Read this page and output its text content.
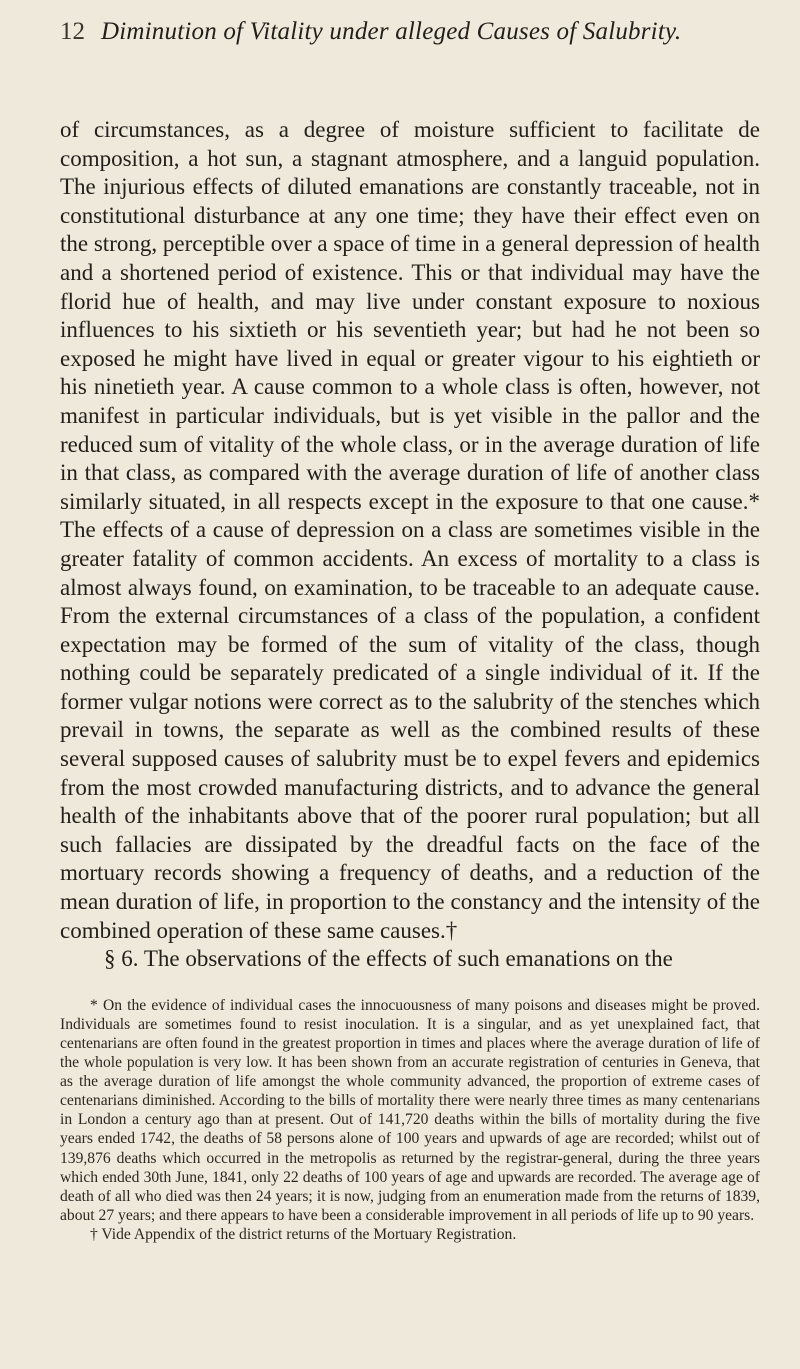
12 Diminution of Vitality under alleged Causes of Salubrity.

of circumstances, as a degree of moisture sufficient to facilitate de composition, a hot sun, a stagnant atmosphere, and a languid population. The injurious effects of diluted emanations are constantly traceable, not in constitutional disturbance at any one time; they have their effect even on the strong, perceptible over a space of time in a general depression of health and a shortened period of existence. This or that individual may have the florid hue of health, and may live under constant exposure to noxious influences to his sixtieth or his seventieth year; but had he not been so exposed he might have lived in equal or greater vigour to his eightieth or his ninetieth year. A cause common to a whole class is often, however, not manifest in particular individuals, but is yet visible in the pallor and the reduced sum of vitality of the whole class, or in the average duration of life in that class, as compared with the average duration of life of another class similarly situated, in all respects except in the exposure to that one cause.* The effects of a cause of depression on a class are sometimes visible in the greater fatality of common accidents. An excess of mortality to a class is almost always found, on examination, to be traceable to an adequate cause. From the external circumstances of a class of the population, a confident expectation may be formed of the sum of vitality of the class, though nothing could be separately predicated of a single individual of it. If the former vulgar notions were correct as to the salubrity of the stenches which prevail in towns, the separate as well as the combined results of these several supposed causes of salubrity must be to expel fevers and epidemics from the most crowded manufacturing districts, and to advance the general health of the inhabitants above that of the poorer rural population; but all such fallacies are dissipated by the dreadful facts on the face of the mortuary records showing a frequency of deaths, and a reduction of the mean duration of life, in proportion to the constancy and the intensity of the combined operation of these same causes.†

§ 6. The observations of the effects of such emanations on the

* On the evidence of individual cases the innocuousness of many poisons and diseases might be proved. Individuals are sometimes found to resist inoculation. It is a singular, and as yet unexplained fact, that centenarians are often found in the greatest proportion in times and places where the average duration of life of the whole population is very low. It has been shown from an accurate registration of centuries in Geneva, that as the average duration of life amongst the whole community advanced, the proportion of extreme cases of centenarians diminished. According to the bills of mortality there were nearly three times as many centenarians in London a century ago than at present. Out of 141,720 deaths within the bills of mortality during the five years ended 1742, the deaths of 58 persons alone of 100 years and upwards of age are recorded; whilst out of 139,876 deaths which occurred in the metropolis as returned by the registrar-general, during the three years which ended 30th June, 1841, only 22 deaths of 100 years of age and upwards are recorded. The average age of death of all who died was then 24 years; it is now, judging from an enumeration made from the returns of 1839, about 27 years; and there appears to have been a considerable improvement in all periods of life up to 90 years.

† Vide Appendix of the district returns of the Mortuary Registration.
